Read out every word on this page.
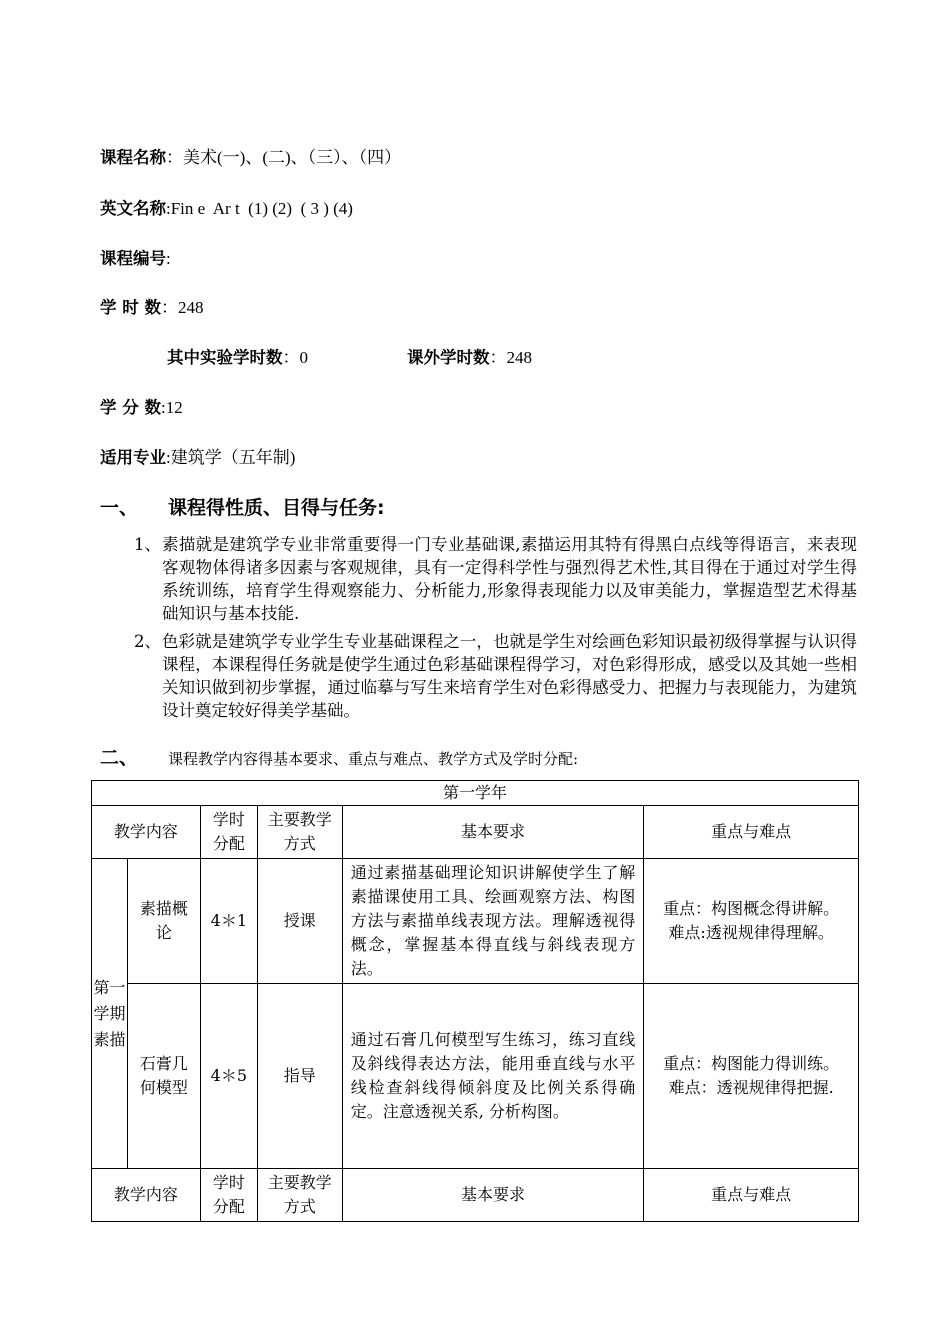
课程名称：美术(一)、(二)、（三）、（四）
英文名称:Fin e  Ar t  (1) (2)  ( 3 ) (4)
课程编号:
学 时 数：248
其中实验学时数：0	课外学时数：248
学 分 数:12
适用专业:建筑学（五年制)
一、 课程得性质、目得与任务:
1、 素描就是建筑学专业非常重要得一门专业基础课,素描运用其特有得黑白点线等得语言，来表现客观物体得诸多因素与客观规律，具有一定得科学性与强烈得艺术性,其目得在于通过对学生得系统训练，培育学生得观察能力、分析能力,形象得表现能力以及审美能力，掌握造型艺术得基础知识与基本技能.
2、 色彩就是建筑学专业学生专业基础课程之一，也就是学生对绘画色彩知识最初级得掌握与认识得课程，本课程得任务就是使学生通过色彩基础课程得学习，对色彩得形成，感受以及其她一些相关知识做到初步掌握，通过临摹与写生来培育学生对色彩得感受力、把握力与表现能力，为建筑设计奠定较好得美学基础。
二、 课程教学内容得基本要求、重点与难点、教学方式及学时分配:
第一学年					
教学内容		学时分配	主要教学方式	基本要求	重点与难点
第一学期素描	素描概论	4＊1	授课	通过素描基础理论知识讲解使学生了解素描课使用工具、绘画观察方法、构图方法与素描单线表现方法。理解透视得概念，掌握基本得直线与斜线表现方法。	重点：构图概念得讲解。
难点:透视规律得理解。

	石膏几何模型	4＊5	指导	通过石膏几何模型写生练习，练习直线及斜线得表达方法，能用垂直线与水平线检查斜线得倾斜度及比例关系得确定。注意透视关系, 分析构图。	重点：构图能力得训练。
难点：透视规律得把握.

教学内容		学时分配	主要教学方式	基本要求	重点与难点
